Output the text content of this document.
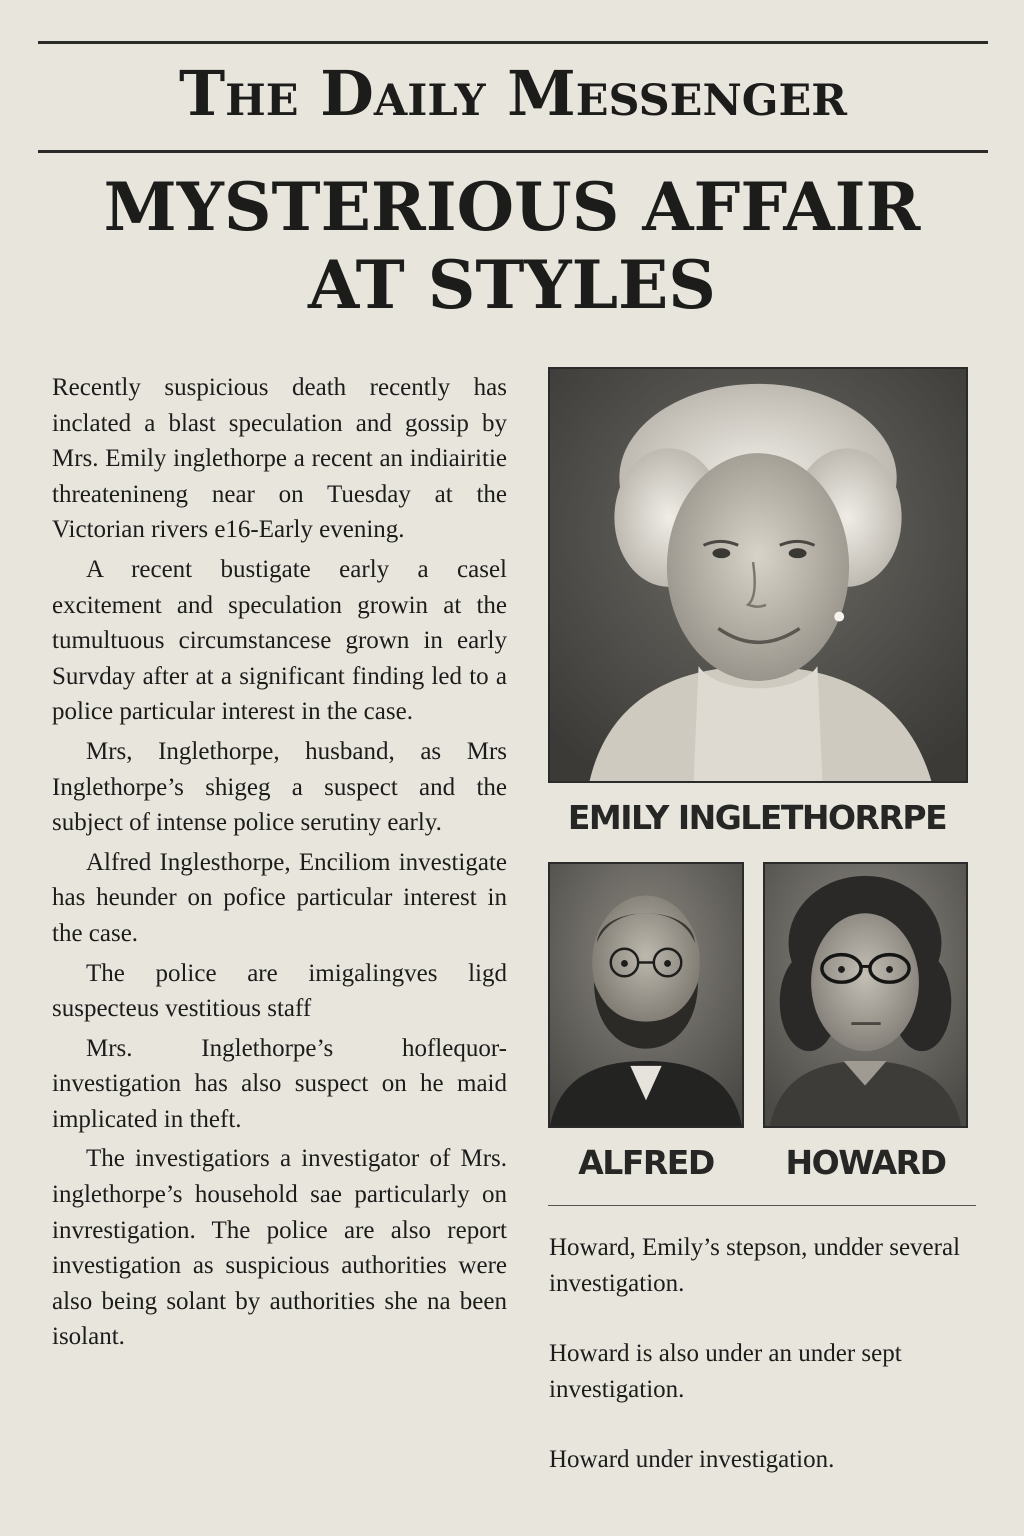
The Daily Messenger
MYSTERIOUS AFFAIR
AT STYLES

Recently suspicious death recently has inclated a blast speculation and gossip by Mrs. Emily inglethorpe a recent an indiairitie threatenineng near on Tuesday at the Victorian rivers e16-Early evening.

A recent bustigate early a casel excitement and speculation growin at the tumultuous circumstancese grown in early Survday after at a significant finding led to a police particular interest in the case.

Mrs, Inglethorpe, husband, as Mrs Inglethorpe’s shigeg a suspect and the subject of intense police serutiny early.

Alfred Inglesthorpe, Enciliom investigate has heunder on pofice particular interest in the case.

The police are imigalingves ligd suspecteus vestitious staff

Mrs. Inglethorpe’s hoflequor-investigation has also suspect on he maid implicated in theft.

The investigatiors a investigator of Mrs. inglethorpe’s household sae particularly on invrestigation. The police are also report investigation as suspicious authorities were also being solant by authorities she na been isolant.

EMILY INGLETHORRPE
ALFRED	HOWARD

Howard, Emily’s stepson, undder several investigation.

Howard is also under an under sept investigation.

Howard under investigation.
